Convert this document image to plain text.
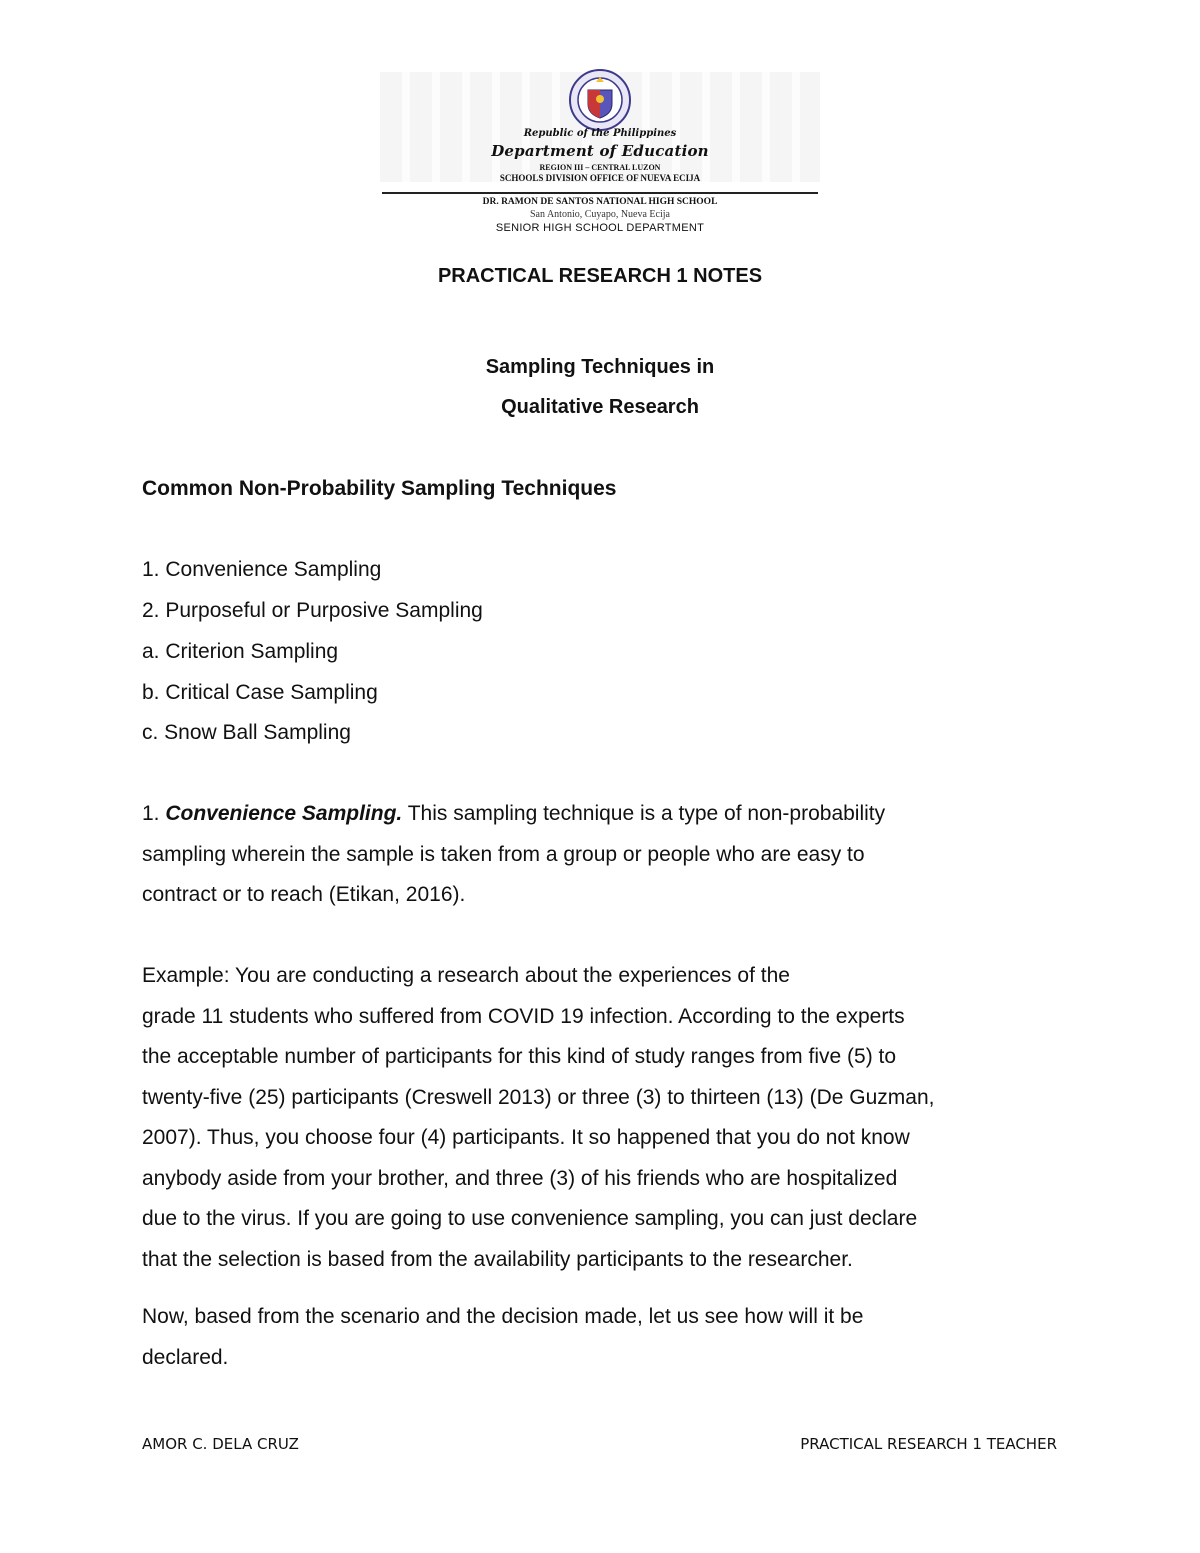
Republic of the Philippines
Department of Education
REGION III – CENTRAL LUZON
SCHOOLS DIVISION OFFICE OF NUEVA ECIJA
DR. RAMON DE SANTOS NATIONAL HIGH SCHOOL
San Antonio, Cuyapo, Nueva Ecija
SENIOR HIGH SCHOOL DEPARTMENT
PRACTICAL RESEARCH 1 NOTES
Sampling Techniques in
Qualitative Research
Common Non-Probability Sampling Techniques
1. Convenience Sampling
2. Purposeful or Purposive Sampling
a. Criterion Sampling
b. Critical Case Sampling
c. Snow Ball Sampling
1. Convenience Sampling. This sampling technique is a type of non-probability
sampling wherein the sample is taken from a group or people who are easy to
contract or to reach (Etikan, 2016).
Example: You are conducting a research about the experiences of the
grade 11 students who suffered from COVID 19 infection. According to the experts
the acceptable number of participants for this kind of study ranges from five (5) to
twenty-five (25) participants (Creswell 2013) or three (3) to thirteen (13) (De Guzman,
2007). Thus, you choose four (4) participants. It so happened that you do not know
anybody aside from your brother, and three (3) of his friends who are hospitalized
due to the virus. If you are going to use convenience sampling, you can just declare
that the selection is based from the availability participants to the researcher.
Now, based from the scenario and the decision made, let us see how will it be
declared.
AMOR C. DELA CRUZ	PRACTICAL RESEARCH 1 TEACHER
